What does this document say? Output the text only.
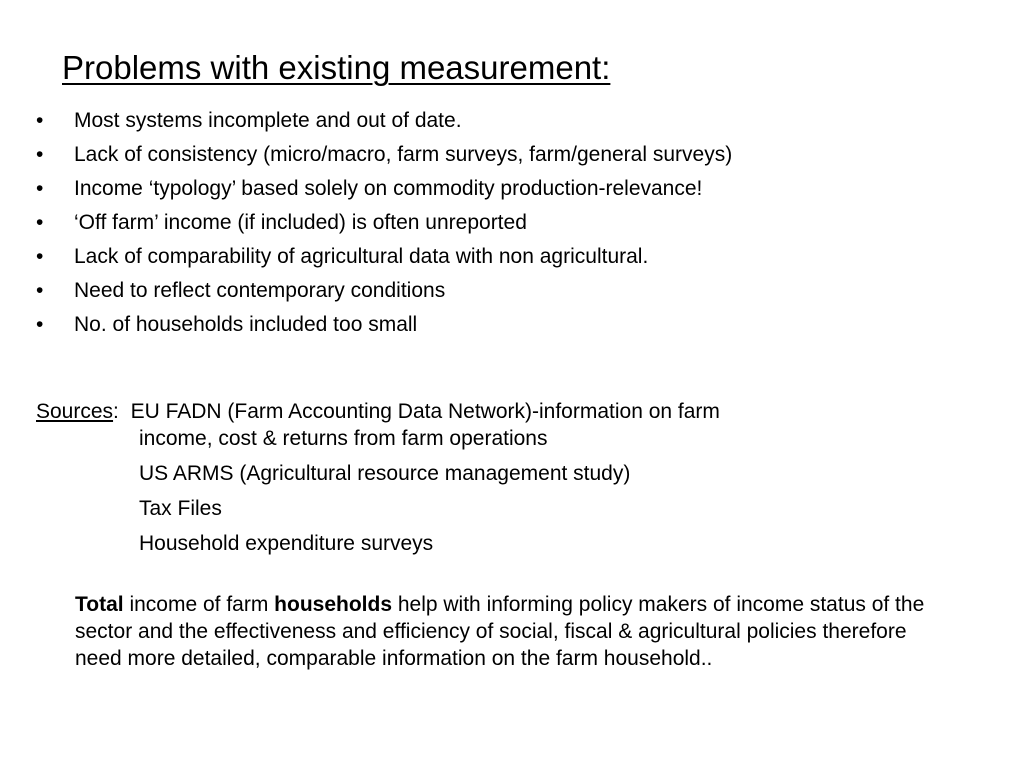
Problems with existing measurement:
•	Most systems incomplete and out of date.
•	Lack of consistency (micro/macro, farm surveys, farm/general surveys)
•	Income ‘typology’ based solely on commodity production-relevance!
•	‘Off farm’ income (if included) is often unreported
•	Lack of comparability of agricultural data with non agricultural.
•	Need to reflect contemporary conditions
•	No. of households included too small
Sources:  EU FADN (Farm Accounting Data Network)-information on farm
income, cost & returns from farm operations
US ARMS (Agricultural resource management study)
Tax Files
Household expenditure surveys
Total income of farm households help with informing policy makers of income status of the sector and the effectiveness and efficiency of social, fiscal & agricultural policies therefore need more detailed, comparable information on the farm household..
